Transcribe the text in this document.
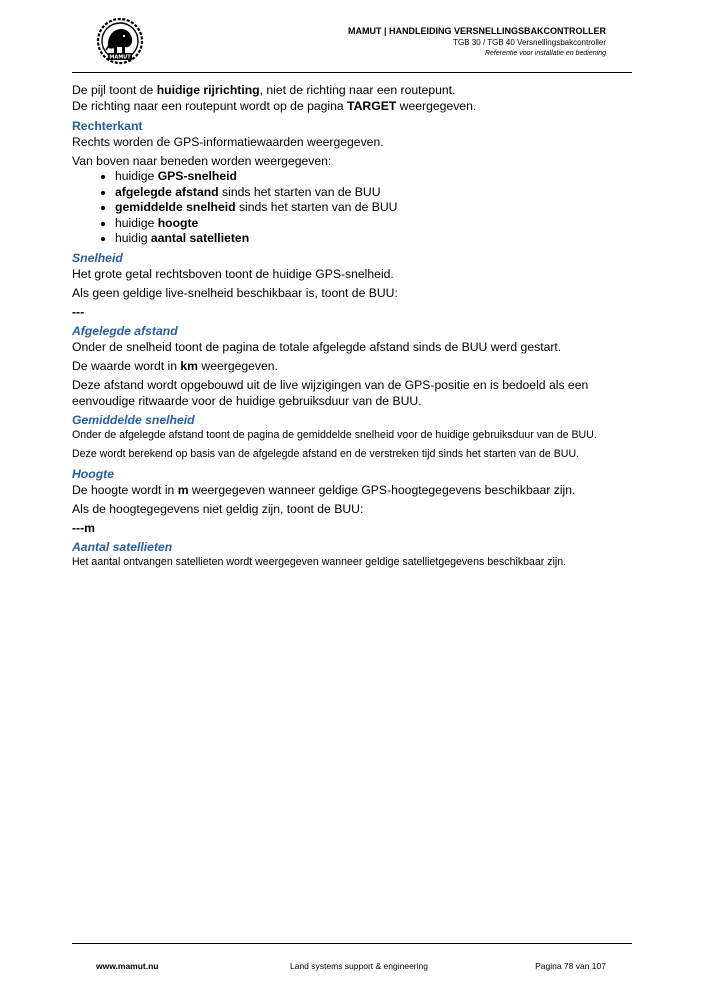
MAMUT
MAMUT | HANDLEIDING VERSNELLINGSBAKCONTROLLER
TGB 30 / TGB 40 Versnellingsbakcontroller
Referentie voor installatie en bediening

De pijl toont de huidige rijrichting, niet de richting naar een routepunt.

De richting naar een routepunt wordt op de pagina TARGET weergegeven.

Rechterkant

Rechts worden de GPS-informatiewaarden weergegeven.

Van boven naar beneden worden weergegeven:

• huidige GPS-snelheid
• afgelegde afstand sinds het starten van de BUU
• gemiddelde snelheid sinds het starten van de BUU
• huidige hoogte
• huidig aantal satellieten
Snelheid

Het grote getal rechtsboven toont de huidige GPS-snelheid.

Als geen geldige live-snelheid beschikbaar is, toont de BUU:

---

Afgelegde afstand

Onder de snelheid toont de pagina de totale afgelegde afstand sinds de BUU werd gestart.

De waarde wordt in km weergegeven.

Deze afstand wordt opgebouwd uit de live wijzigingen van de GPS-positie en is bedoeld als een eenvoudige ritwaarde voor de huidige gebruiksduur van de BUU.

Gemiddelde snelheid

Onder de afgelegde afstand toont de pagina de gemiddelde snelheid voor de huidige gebruiksduur van de BUU.

Deze wordt berekend op basis van de afgelegde afstand en de verstreken tijd sinds het starten van de BUU.

Hoogte

De hoogte wordt in m weergegeven wanneer geldige GPS-hoogtegegevens beschikbaar zijn.

Als de hoogtegegevens niet geldig zijn, toont de BUU:

---m

Aantal satellieten

Het aantal ontvangen satellieten wordt weergegeven wanneer geldige satellietgegevens beschikbaar zijn.

www.mamut.nu	Land systems support & engineering	Pagina 78 van 107
